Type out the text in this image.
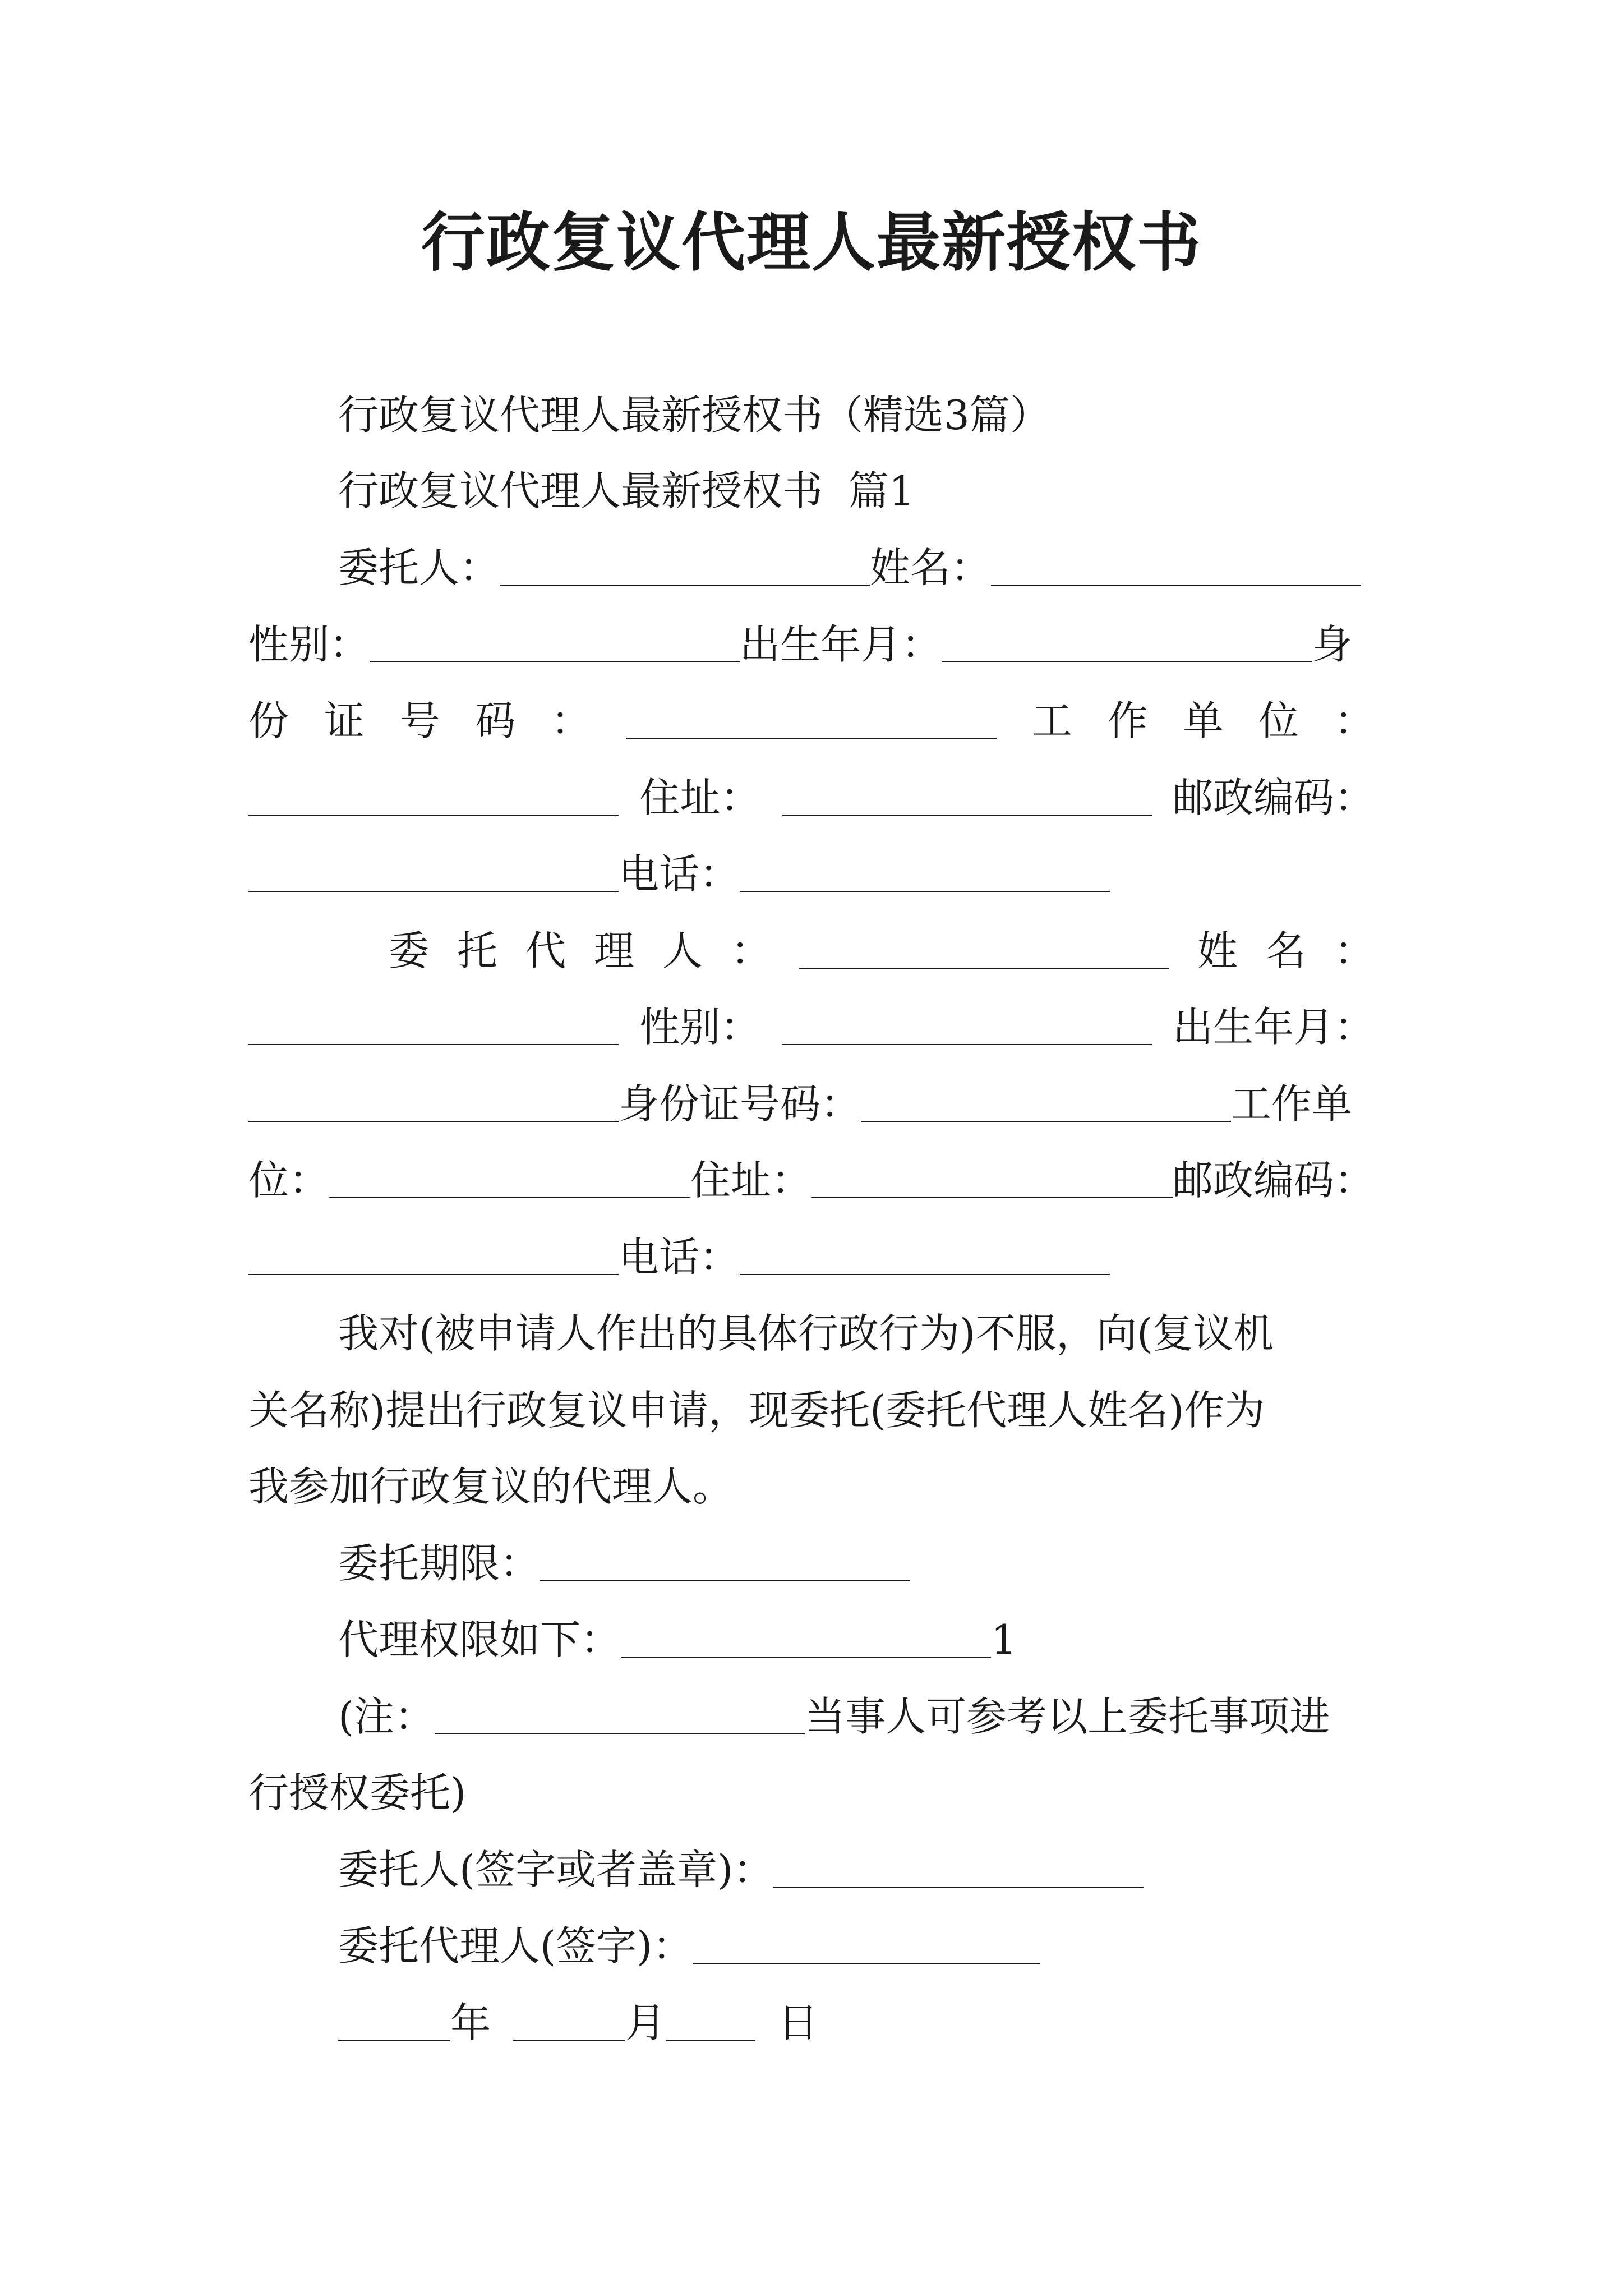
行政复议代理人最新授权书
行政复议代理人最新授权书（精选3篇）
行政复议代理人最新授权书  篇1
委托人：	姓名：
性别：	出生年月：	身
份 证 号 码 ：	工 作 单 位 ：
住址：	邮政编码：
电话：
委 托 代 理 人 ：	姓 名 ：
性别：	出生年月：
身份证号码：	工作单
位：	住址：	邮政编码：
电话：
我对(被申请人作出的具体行政行为)不服，向(复议机
关名称)提出行政复议申请，现委托(委托代理人姓名)作为
我参加行政复议的代理人。
委托期限：
代理权限如下：	1
(注：	当事人可参考以上委托事项进
行授权委托)
委托人(签字或者盖章)：
委托代理人(签字)：
年	月	日
